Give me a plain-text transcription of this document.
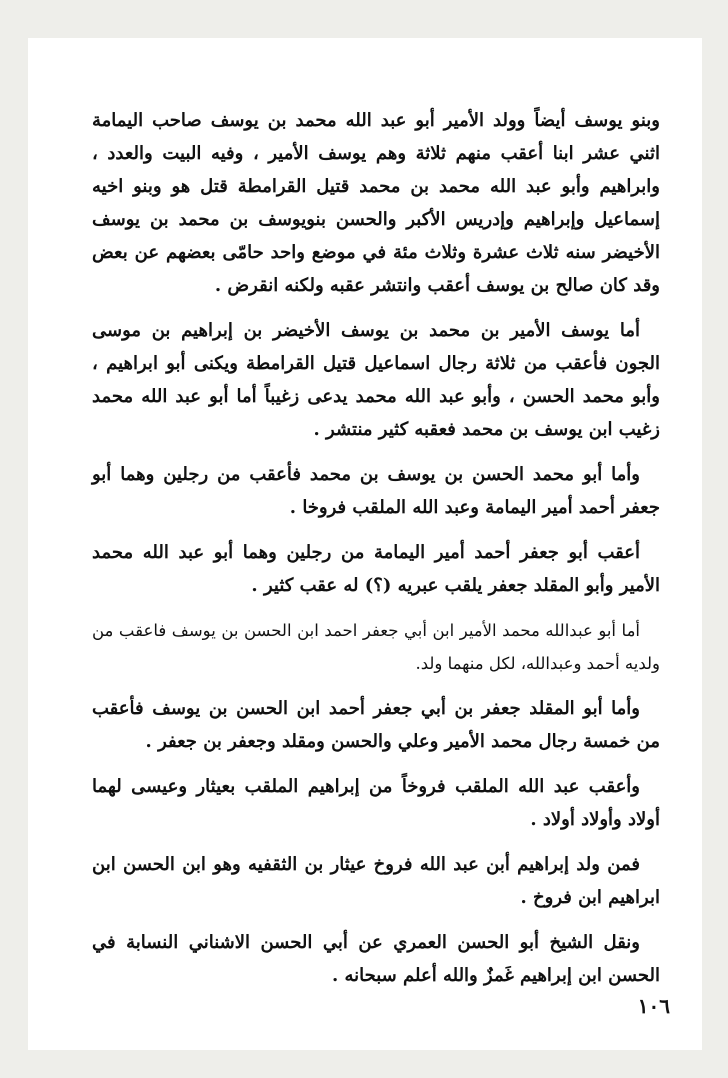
وبنو يوسف أيضاً وولد الأمير أبو عبد الله محمد بن يوسف صاحب اليمامة اثني عشر ابنا أعقب منهم ثلاثة وهم يوسف الأمير ، وفيه البيت والعدد ، وابراهيم وأبو عبد الله محمد بن محمد قتيل القرامطة قتل هو وبنو اخيه إسماعيل وإبراهيم وإدريس الأكبر والحسن بنويوسف بن محمد بن يوسف الأخيضر سنه ثلاث عشرة وثلاث مئة في موضع واحد حامّى بعضهم عن بعض وقد كان صالح بن يوسف أعقب وانتشر عقبه ولكنه انقرض .

أما يوسف الأمير بن محمد بن يوسف الأخيضر بن إبراهيم بن موسى الجون فأعقب من ثلاثة رجال اسماعيل قتيل القرامطة ويكنى أبو ابراهيم ، وأبو محمد الحسن ، وأبو عبد الله محمد يدعى زغيباً أما أبو عبد الله محمد زغيب ابن يوسف بن محمد فعقبه كثير منتشر .

وأما أبو محمد الحسن بن يوسف بن محمد فأعقب من رجلين وهما أبو جعفر أحمد أمير اليمامة وعبد الله الملقب فروخا .

أعقب أبو جعفر أحمد أمير اليمامة من رجلين وهما أبو عبد الله محمد الأمير وأبو المقلد جعفر يلقب عبريه (؟) له عقب كثير .

أما أبو عبدالله محمد الأمير ابن أبي جعفر احمد ابن الحسن بن يوسف فاعقب من ولديه أحمد وعبدالله، لكل منهما ولد.

وأما أبو المقلد جعفر بن أبي جعفر أحمد ابن الحسن بن يوسف فأعقب من خمسة رجال محمد الأمير وعلي والحسن ومقلد وجعفر بن جعفر .

وأعقب عبد الله الملقب فروخاً من إبراهيم الملقب بعيثار وعيسى لهما أولاد وأولاد أولاد .

فمن ولد إبراهيم أبن عبد الله فروخ عيثار بن الثقفيه وهو ابن الحسن ابن ابراهيم ابن فروخ .

ونقل الشيخ أبو الحسن العمري عن أبي الحسن الاشناني النسابة في الحسن ابن إبراهيم غَمزٌ والله أعلم سبحانه .

١٠٦
